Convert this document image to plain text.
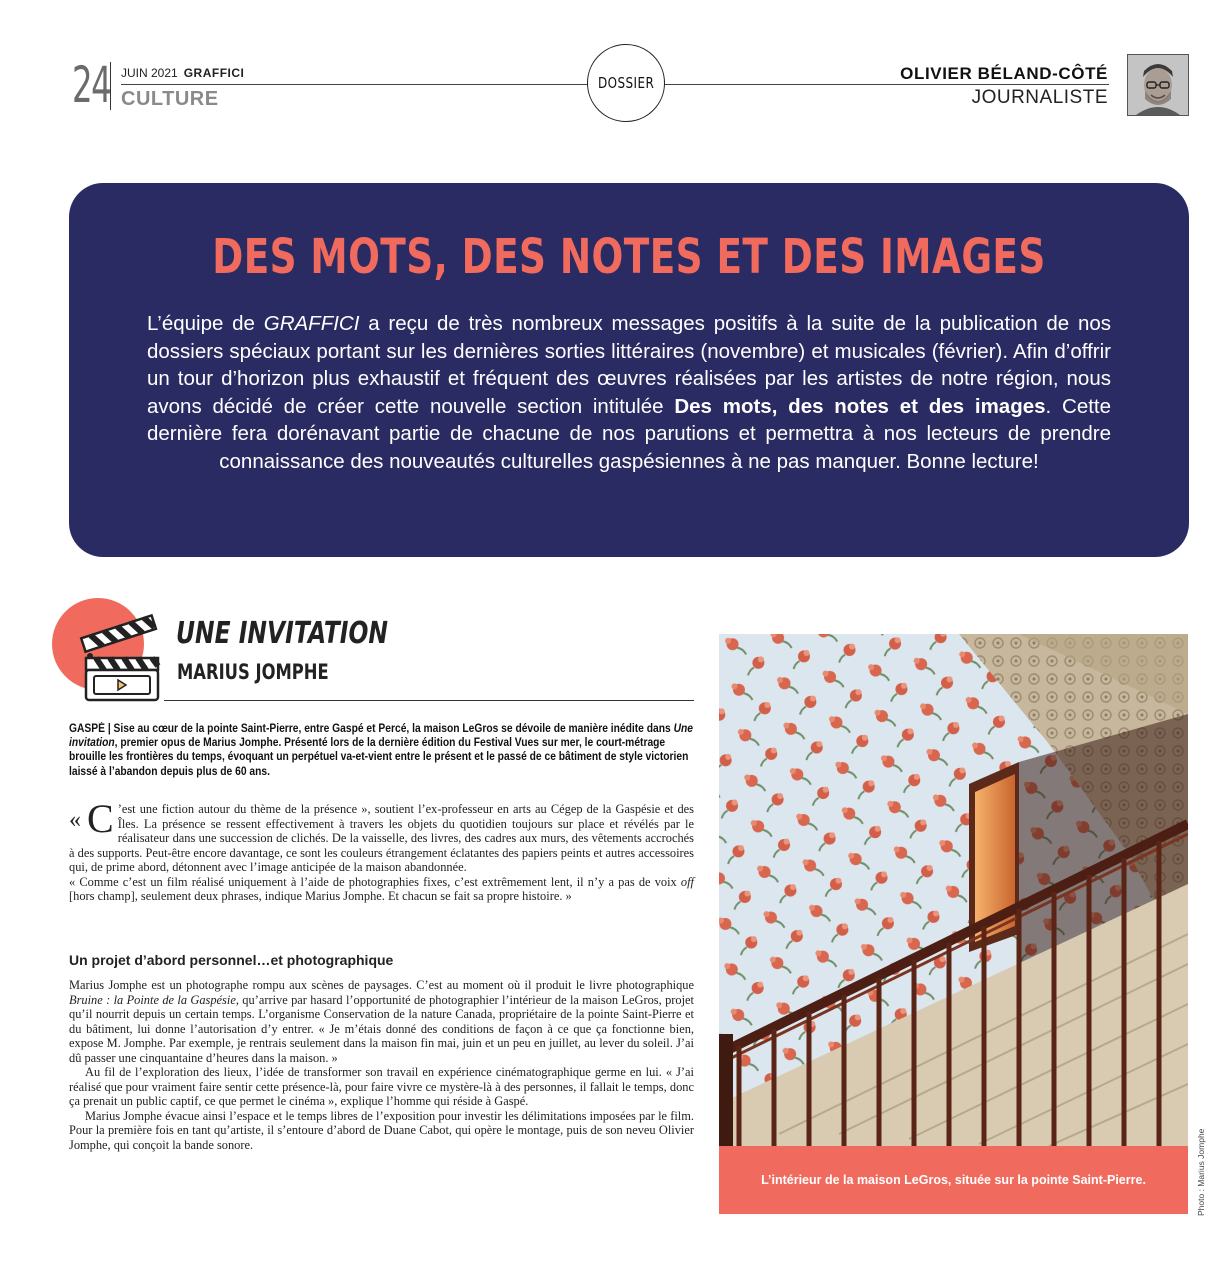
24 JUIN 2021 GRAFFICI
CULTURE
DOSSIER	OLIVIER BÉLAND-CÔTÉ
JOURNALISTE
DES MOTS, DES NOTES ET DES IMAGES
L’équipe de GRAFFICI a reçu de très nombreux messages positifs à la suite de la publication de nos dossiers spéciaux portant sur les dernières sorties littéraires (novembre) et musicales (février). Afin d’offrir un tour d’horizon plus exhaustif et fréquent des œuvres réalisées par les artistes de notre région, nous avons décidé de créer cette nouvelle section intitulée Des mots, des notes et des images. Cette dernière fera dorénavant partie de chacune de nos parutions et permettra à nos lecteurs de prendre connaissance des nouveautés culturelles gaspésiennes à ne pas manquer. Bonne lecture!
UNE INVITATION
MARIUS JOMPHE
GASPÉ | Sise au cœur de la pointe Saint-Pierre, entre Gaspé et Percé, la maison LeGros se dévoile de manière inédite dans Une invitation, premier opus de Marius Jomphe. Présenté lors de la dernière édition du Festival Vues sur mer, le court-métrage brouille les frontières du temps, évoquant un perpétuel va-et-vient entre le présent et le passé de ce bâtiment de style victorien laissé à l’abandon depuis plus de 60 ans.

« C ’est une fiction autour du thème de la présence », soutient l’ex-professeur en arts au Cégep de la Gaspésie et des Îles. La présence se ressent effectivement à travers les objets du quotidien toujours sur place et révélés par le réalisateur dans une succession de clichés. De la vaisselle, des livres, des cadres aux murs, des vêtements accrochés à des supports. Peut-être encore davantage, ce sont les couleurs étrangement éclatantes des papiers peints et autres accessoires qui, de prime abord, détonnent avec l’image anticipée de la maison abandonnée.

« Comme c’est un film réalisé uniquement à l’aide de photographies fixes, c’est extrêmement lent, il n’y a pas de voix off [hors champ], seulement deux phrases, indique Marius Jomphe. Et chacun se fait sa propre histoire. »

Un projet d’abord personnel…et photographique

Marius Jomphe est un photographe rompu aux scènes de paysages. C’est au moment où il produit le livre photographique Bruine : la Pointe de la Gaspésie, qu’arrive par hasard l’opportunité de photographier l’intérieur de la maison LeGros, projet qu’il nourrit depuis un certain temps. L’organisme Conservation de la nature Canada, propriétaire de la pointe Saint-Pierre et du bâtiment, lui donne l’autorisation d’y entrer. « Je m’étais donné des conditions de façon à ce que ça fonctionne bien, expose M. Jomphe. Par exemple, je rentrais seulement dans la maison fin mai, juin et un peu en juillet, au lever du soleil. J’ai dû passer une cinquantaine d’heures dans la maison. »

Au fil de l’exploration des lieux, l’idée de transformer son travail en expérience cinématographique germe en lui. « J’ai réalisé que pour vraiment faire sentir cette présence-là, pour faire vivre ce mystère-là à des personnes, il fallait le temps, donc ça prenait un public captif, ce que permet le cinéma », explique l’homme qui réside à Gaspé.

Marius Jomphe évacue ainsi l’espace et le temps libres de l’exposition pour investir les délimitations imposées par le film. Pour la première fois en tant qu’artiste, il s’entoure d’abord de Duane Cabot, qui opère le montage, puis de son neveu Olivier Jomphe, qui conçoit la bande sonore.

L’intérieur de la maison LeGros, située sur la pointe Saint-Pierre.	Photo : Marius Jomphe
